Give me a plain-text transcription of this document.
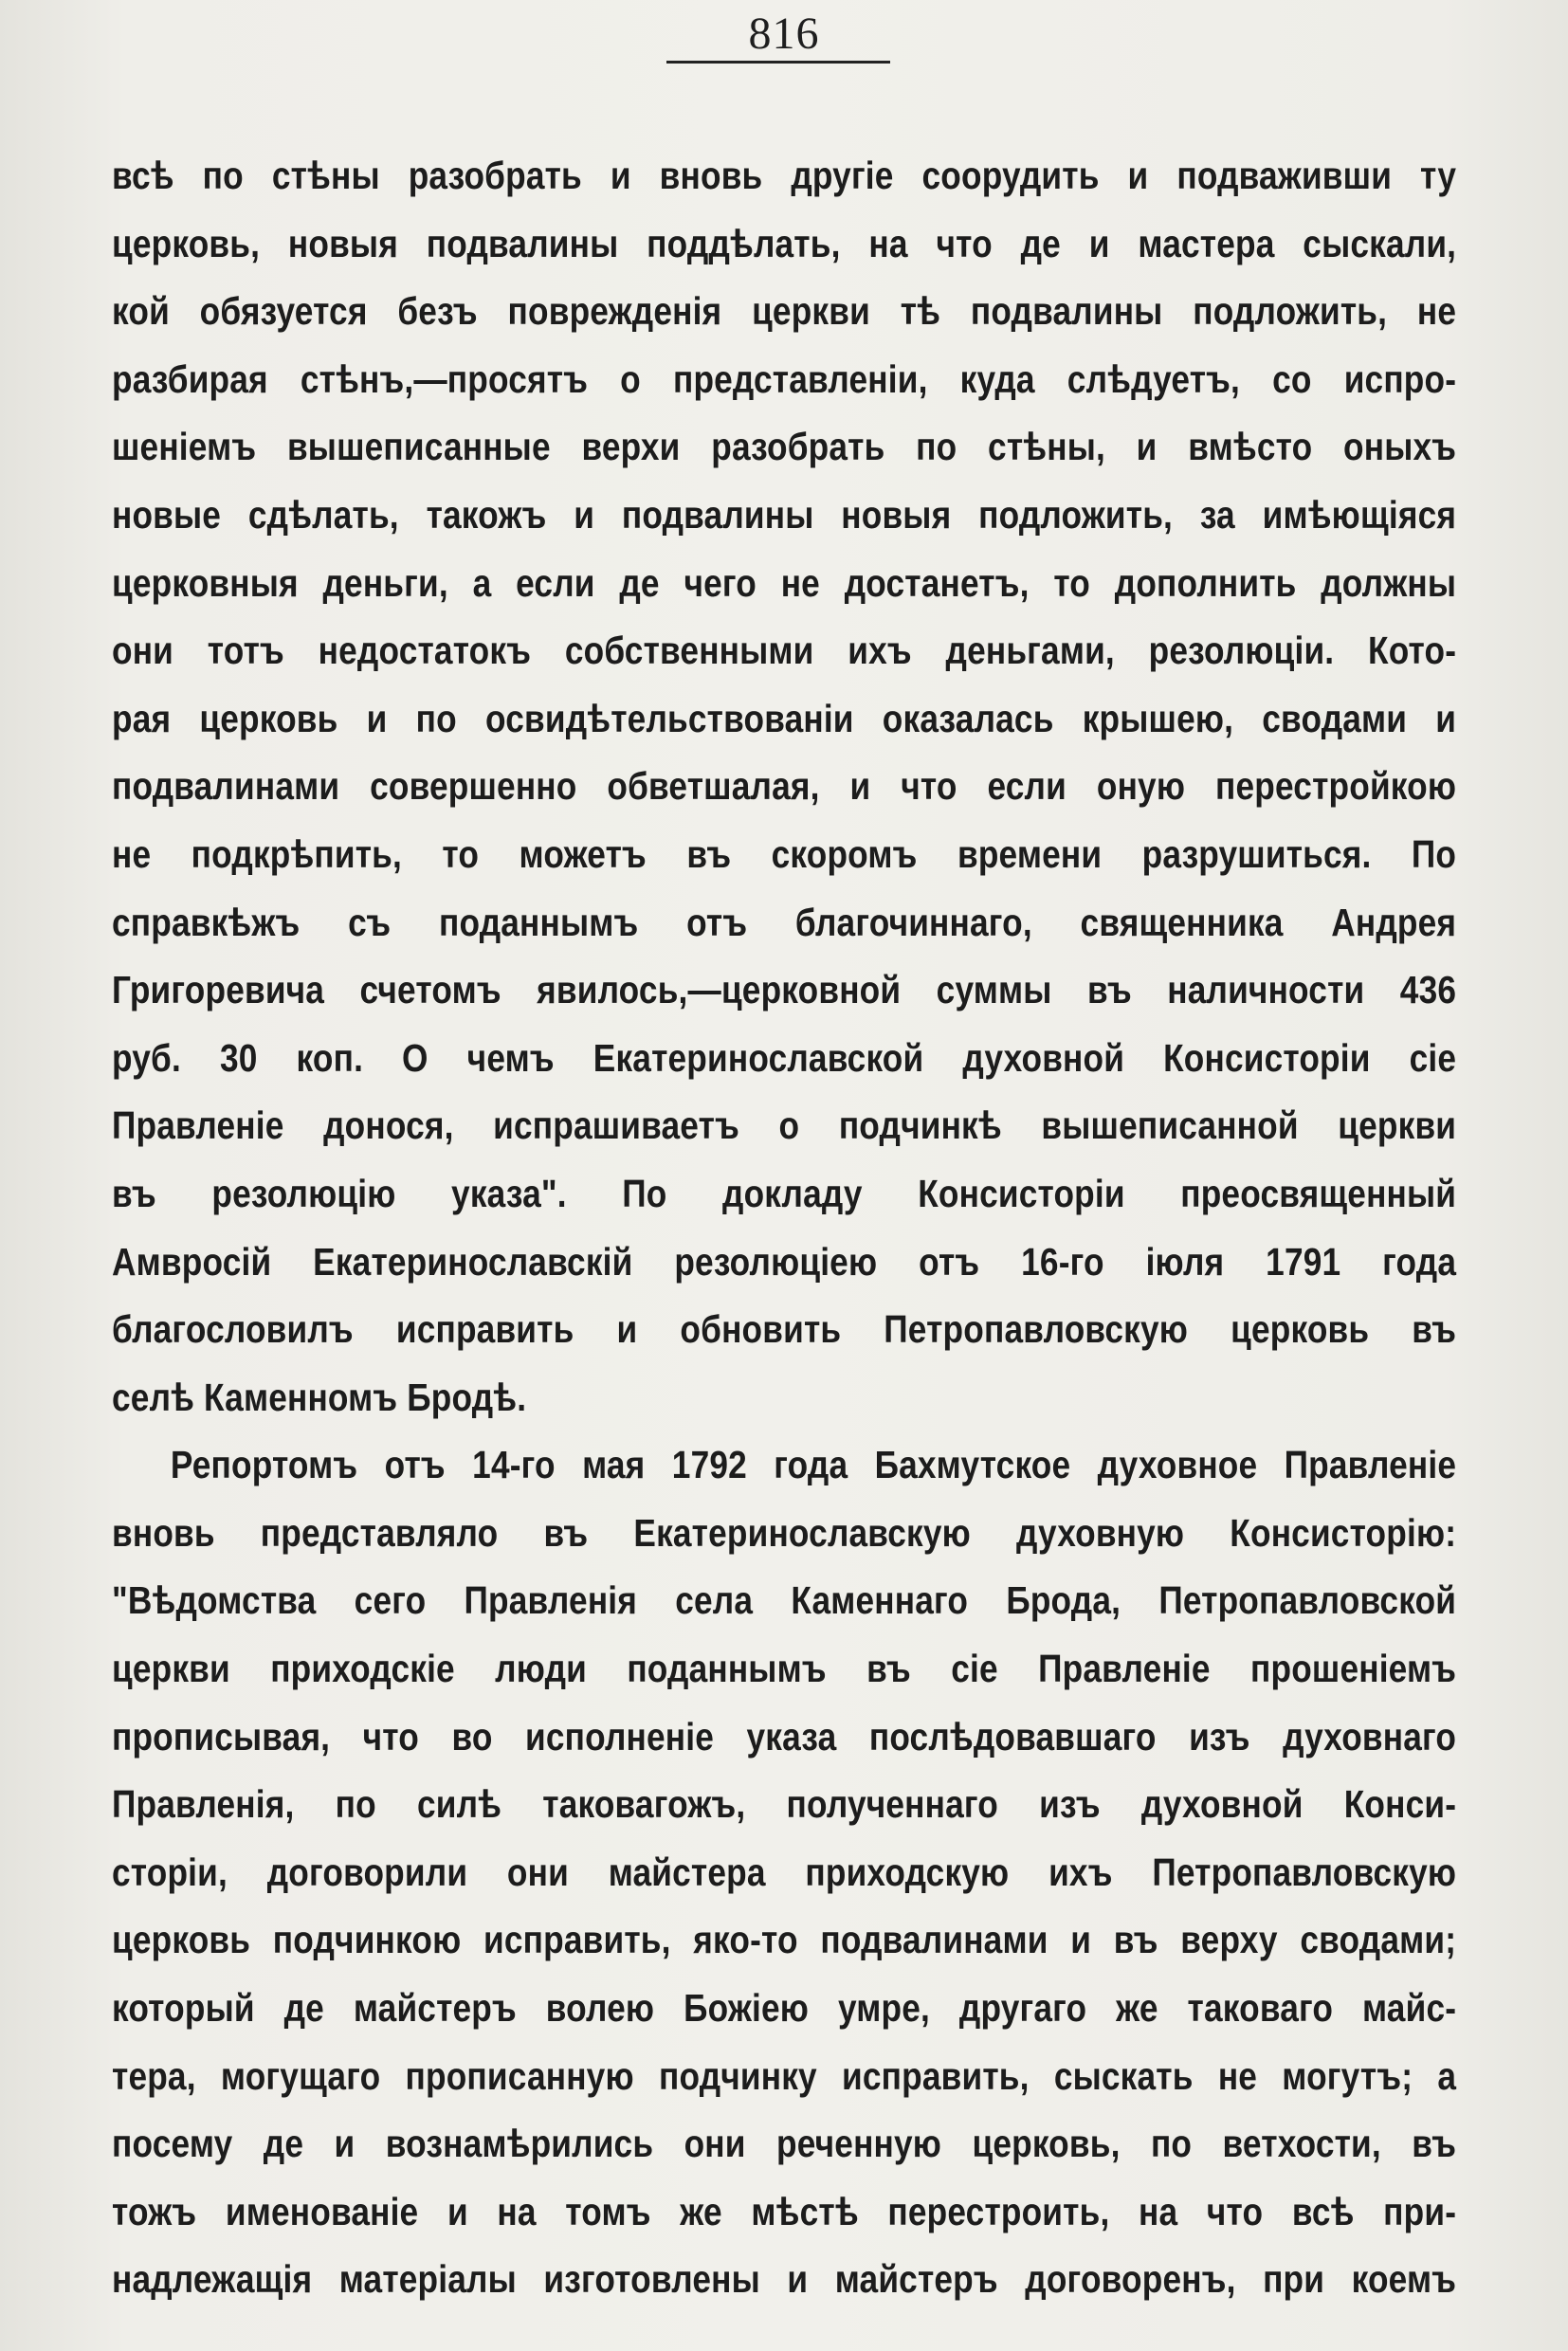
816
всѣ по стѣны разобрать и вновь другіе соорудить и подваживши ту
церковь, новыя подвалины поддѣлать, на что де и мастера сыскали,
кой обязуется безъ поврежденія церкви тѣ подвалины подложить, не
разбирая стѣнъ,—просятъ о представленіи, куда слѣдуетъ, со испро-
шеніемъ вышеписанные верхи разобрать по стѣны, и вмѣсто оныхъ
новые сдѣлать, такожъ и подвалины новыя подложить, за имѣющіяся
церковныя деньги, а если де чего не достанетъ, то дополнить должны
они тотъ недостатокъ собственными ихъ деньгами, резолюціи. Кото-
рая церковь и по освидѣтельствованіи оказалась крышею, сводами и
подвалинами совершенно обветшалая, и что если оную перестройкою
не подкрѣпить, то можетъ въ скоромъ времени разрушиться. По
справкѣжъ съ поданнымъ отъ благочиннаго, священника Андрея
Григоревича счетомъ явилось,—церковной суммы въ наличности 436
руб. 30 коп. О чемъ Екатеринославской духовной Консисторіи сіе
Правленіе донося, испрашиваетъ о подчинкѣ вышеписанной церкви
въ резолюцію указа". По докладу Консисторіи преосвященный
Амвросій Екатеринославскій резолюціею отъ 16-го іюля 1791 года
благословилъ исправить и обновить Петропавловскую церковь въ
селѣ Каменномъ Бродѣ.
Репортомъ отъ 14-го мая 1792 года Бахмутское духовное Правленіе
вновь представляло въ Екатеринославскую духовную Консисторію:
"Вѣдомства сего Правленія села Каменнаго Брода, Петропавловской
церкви приходскіе люди поданнымъ въ сіе Правленіе прошеніемъ
прописывая, что во исполненіе указа послѣдовавшаго изъ духовнаго
Правленія, по силѣ таковагожъ, полученнаго изъ духовной Конси-
сторіи, договорили они майстера приходскую ихъ Петропавловскую
церковь подчинкою исправить, яко-то подвалинами и въ верху сводами;
который де майстеръ волею Божіею умре, другаго же таковаго майс-
тера, могущаго прописанную подчинку исправить, сыскать не могутъ; а
посему де и вознамѣрились они реченную церковь, по ветхости, въ
тожъ именованіе и на томъ же мѣстѣ перестроить, на что всѣ при-
надлежащія матеріалы изготовлены и майстеръ договоренъ, при коемъ
